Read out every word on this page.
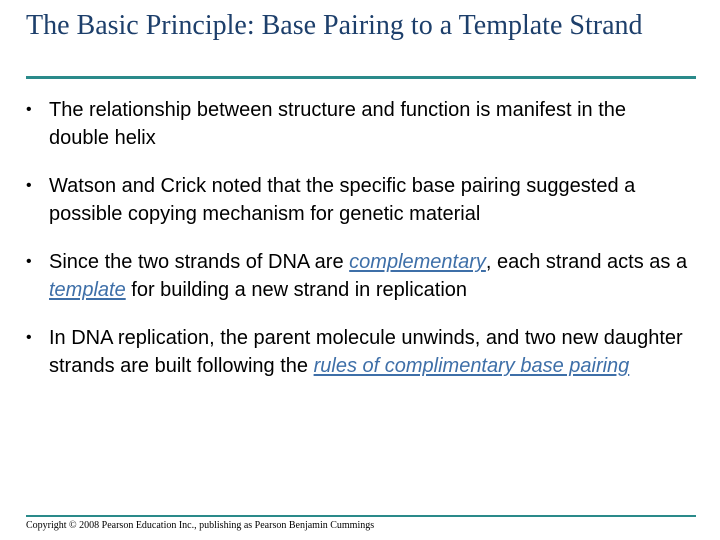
The Basic Principle: Base Pairing to a Template Strand
• The relationship between structure and function is manifest in the double helix
• Watson and Crick noted that the specific base pairing suggested a possible copying mechanism for genetic material
• Since the two strands of DNA are complementary, each strand acts as a template for building a new strand in replication
• In DNA replication, the parent molecule unwinds, and two new daughter strands are built following the rules of complimentary base pairing
Copyright © 2008 Pearson Education Inc., publishing as Pearson Benjamin Cummings
